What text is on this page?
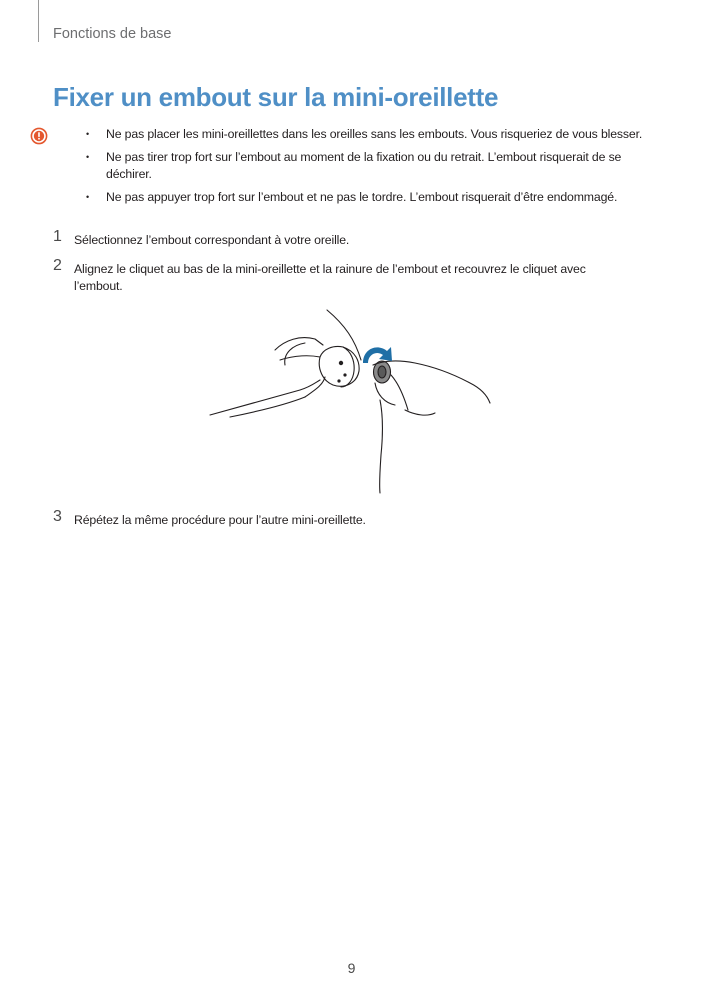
Fonctions de base
Fixer un embout sur la mini-oreillette
• Ne pas placer les mini-oreillettes dans les oreilles sans les embouts. Vous risqueriez de vous blesser.
• Ne pas tirer trop fort sur l’embout au moment de la fixation ou du retrait. L’embout risquerait de se déchirer.
• Ne pas appuyer trop fort sur l’embout et ne pas le tordre. L’embout risquerait d’être endommagé.
1 Sélectionnez l’embout correspondant à votre oreille.
2 Alignez le cliquet au bas de la mini-oreillette et la rainure de l’embout et recouvrez le cliquet avec l’embout.
3 Répétez la même procédure pour l’autre mini-oreillette.
9
